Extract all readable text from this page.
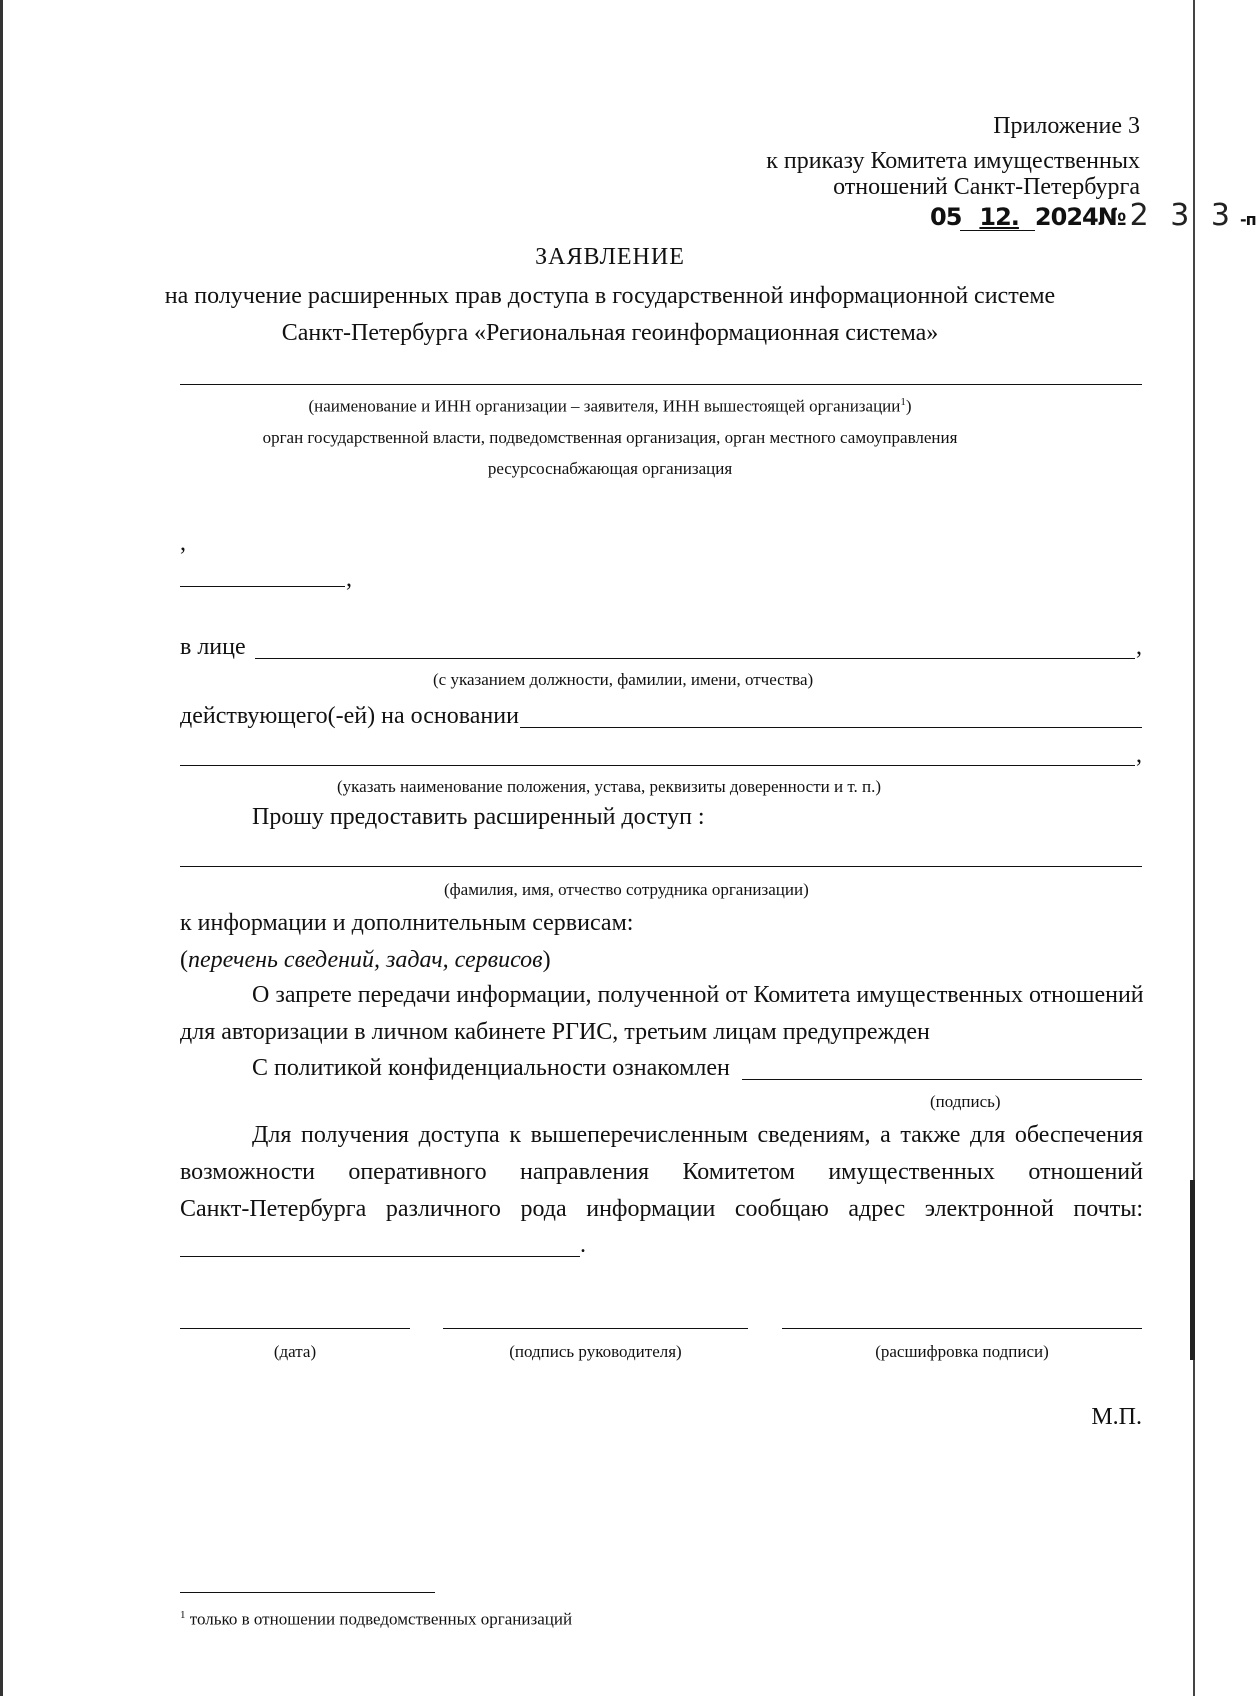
Приложение 3
к приказу Комитета имущественных
отношений Санкт-Петербурга
05 12. 2024№ 2 3 3 -п
ЗАЯВЛЕНИЕ
на получение расширенных прав доступа в государственной информационной системе
Санкт-Петербурга «Региональная геоинформационная система»
(наименование и ИНН организации – заявителя, ИНН вышестоящей организации$^1$)
орган государственной власти, подведомственная организация, орган местного самоуправления
ресурсоснабжающая организация
,
,
в лице	,
(с указанием должности, фамилии, имени, отчества)
действующего(-ей) на основании
,
(указать наименование положения, устава, реквизиты доверенности и т. п.)
Прошу предоставить расширенный доступ :
(фамилия, имя, отчество сотрудника организации)
к информации и дополнительным сервисам:
(перечень сведений, задач, сервисов)
О запрете передачи информации, полученной от Комитета имущественных отношений
для авторизации в личном кабинете РГИС, третьим лицам предупрежден
С политикой конфиденциальности ознакомлен
(подпись)
Для получения доступа к вышеперечисленным сведениям, а также для обеспечения
возможности оперативного направления Комитетом имущественных отношений
Санкт-Петербурга различного рода информации сообщаю адрес электронной почты:
.
(дата)	(подпись руководителя)	(расшифровка подписи)
М.П.
$^1$ только в отношении подведомственных организаций
